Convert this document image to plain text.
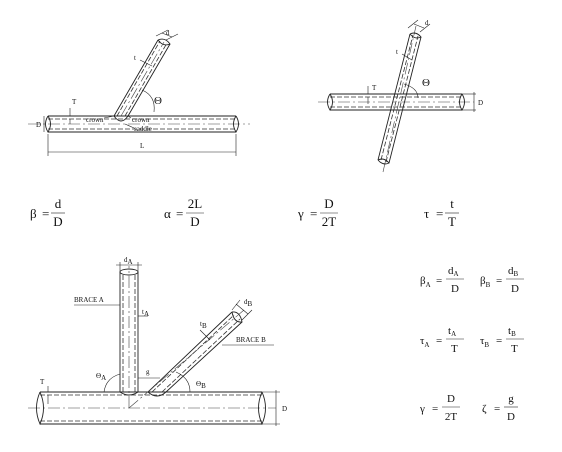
d
t
Θ
T
D
crown	crown
saddle
L
d
t
Θ
T
D
β =
d
D
α =
2L
D
γ =
D
2T
τ =
t
T
dA
BRACE A
tA
dB
tB
BRACE B
g
ΘA
ΘB
T
D
$\beta_A$ =
dA
D
$\beta_B$ =
dB
D
$\tau_A$ =
tA
T
$\tau_B$ =
tB
T
γ =
D
2T
ζ =
g
D
